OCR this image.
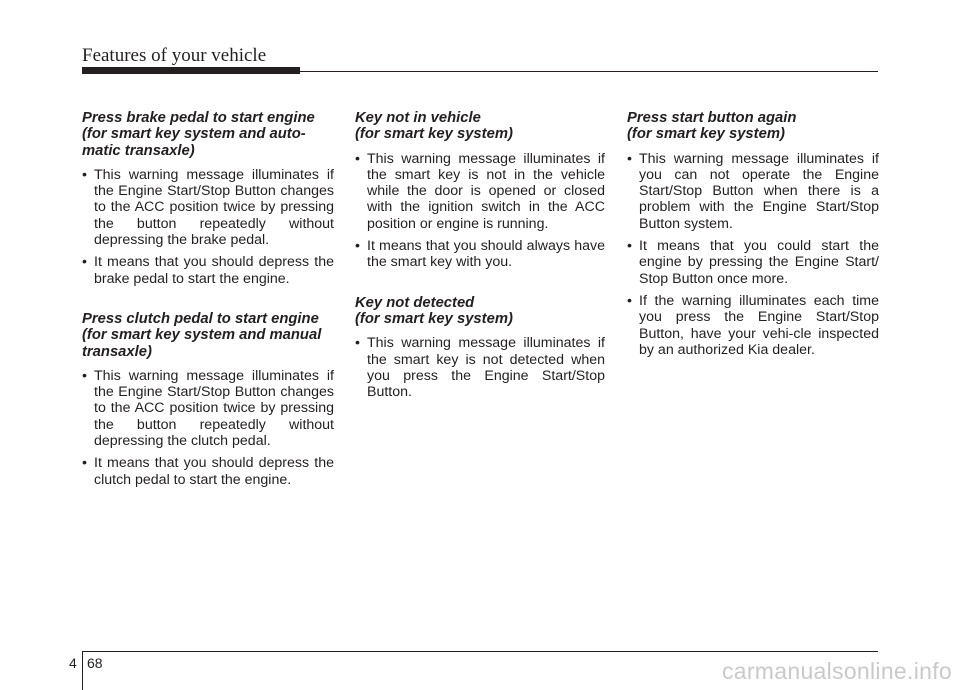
Features of your vehicle
Press brake pedal to start engine
(for smart key system and auto-
matic transaxle)
• This warning message illuminates if the Engine Start/Stop Button changes to the ACC position twice by pressing the button repeatedly without depressing the brake pedal.
• It means that you should depress the brake pedal to start the engine.
Press clutch pedal to start engine
(for smart key system and manual
transaxle)
• This warning message illuminates if the Engine Start/Stop Button changes to the ACC position twice by pressing the button repeatedly without depressing the clutch pedal.
• It means that you should depress the clutch pedal to start the engine.
Key not in vehicle
(for smart key system)
• This warning message illuminates if the smart key is not in the vehicle while the door is opened or closed with the ignition switch in the ACC position or engine is running.
• It means that you should always have the smart key with you.
Key not detected
(for smart key system)
• This warning message illuminates if the smart key is not detected when you press the Engine Start/Stop Button.
Press start button again
(for smart key system)
• This warning message illuminates if you can not operate the Engine Start/Stop Button when there is a problem with the Engine Start/Stop Button system.
• It means that you could start the engine by pressing the Engine Start/ Stop Button once more.
• If the warning illuminates each time you press the Engine Start/Stop Button, have your vehi-cle inspected by an authorized Kia dealer.
4 68	carmanualsonline.info
